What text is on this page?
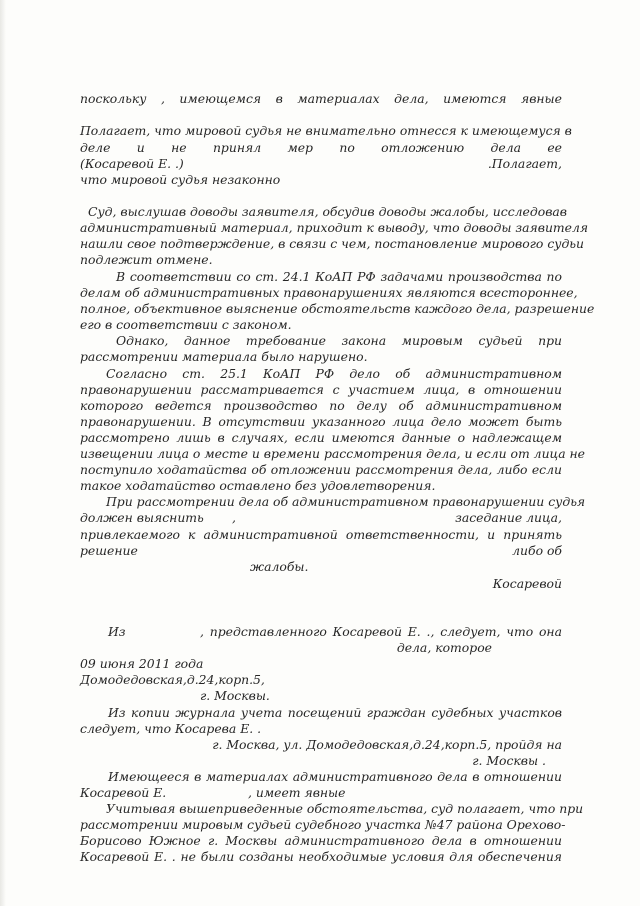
поскольку , имеющемся в материалах дела, имеются явные
Полагает, что мировой судья не внимательно отнесся к имеющемуся в
деле и не принял мер по отложению дела ее
(Косаревой Е. .)	.Полагает,
что мировой судья незаконно
Суд, выслушав доводы заявителя, обсудив доводы жалобы, исследовав
административный материал, приходит к выводу, что доводы заявителя
нашли свое подтверждение, в связи с чем, постановление мирового судьи
подлежит отмене.
В соответствии со ст. 24.1 КоАП РФ задачами производства по
делам об административных правонарушениях являются всестороннее,
полное, объективное выяснение обстоятельств каждого дела, разрешение
его в соответствии с законом.
Однако, данное требование закона мировым судьей при
рассмотрении материала было нарушено.
Согласно ст. 25.1 КоАП РФ дело об административном
правонарушении рассматривается с участием лица, в отношении
которого ведется производство по делу об административном
правонарушении. В отсутствии указанного лица дело может быть
рассмотрено лишь в случаях, если имеются данные о надлежащем
извещении лица о месте и времени рассмотрения дела, и если от лица не
поступило ходатайства об отложении рассмотрения дела, либо если
такое ходатайство оставлено без удовлетворения.
При рассмотрении дела об административном правонарушении судья
должен выяснить ,	заседание лица,
привлекаемого к административной ответственности, и принять
решение	либо об
жалобы.
Косаревой
Из	, представленного Косаревой Е. ., следует, что она
дела, которое
09 июня 2011 года
Домодедовская,д.24,корп.5,
г. Москвы.
Из копии журнала учета посещений граждан судебных участков
следует, что Косарева Е. .
г. Москва, ул. Домодедовская,д.24,корп.5, пройдя на
г. Москвы .
Имеющееся в материалах административного дела в отношении
Косаревой Е.	, имеет явные
Учитывая вышеприведенные обстоятельства, суд полагает, что при
рассмотрении мировым судьей судебного участка №47 района Орехово-
Борисово Южное г. Москвы административного дела в отношении
Косаревой Е. . не были созданы необходимые условия для обеспечения
